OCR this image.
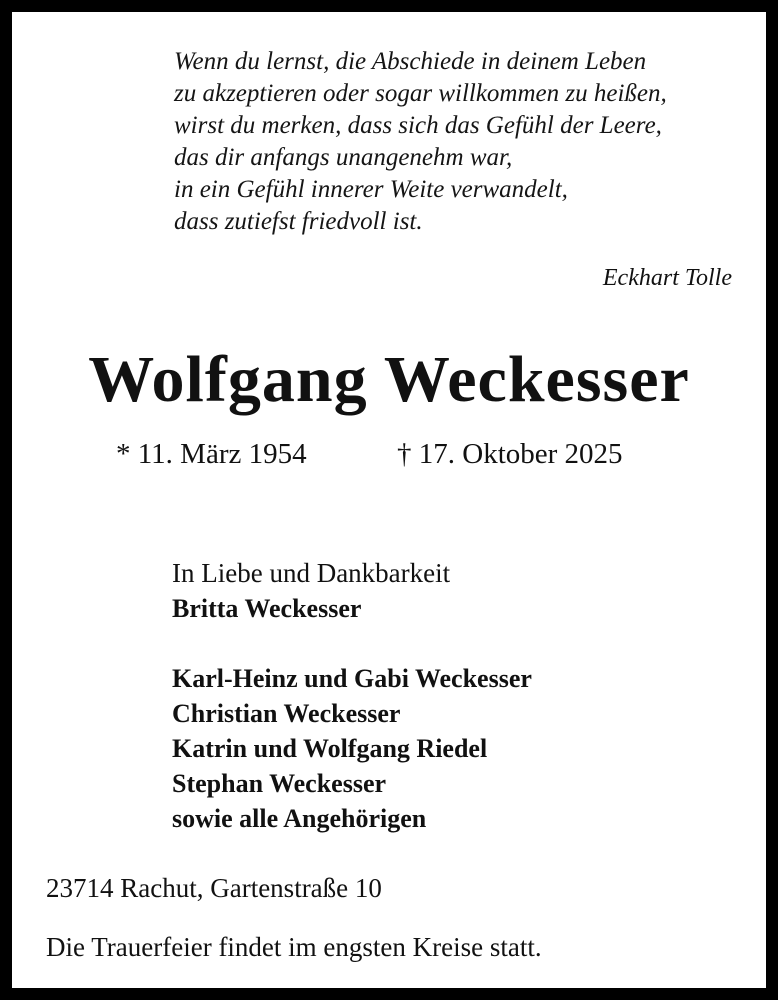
Wenn du lernst, die Abschiede in deinem Leben
zu akzeptieren oder sogar willkommen zu heißen,
wirst du merken, dass sich das Gefühl der Leere,
das dir anfangs unangenehm war,
in ein Gefühl innerer Weite verwandelt,
dass zutiefst friedvoll ist.
Eckhart Tolle
Wolfgang Weckesser
* 11. März 1954	† 17. Oktober 2025
In Liebe und Dankbarkeit
Britta Weckesser
Karl-Heinz und Gabi Weckesser
Christian Weckesser
Katrin und Wolfgang Riedel
Stephan Weckesser
sowie alle Angehörigen
23714 Rachut, Gartenstraße 10
Die Trauerfeier findet im engsten Kreise statt.
